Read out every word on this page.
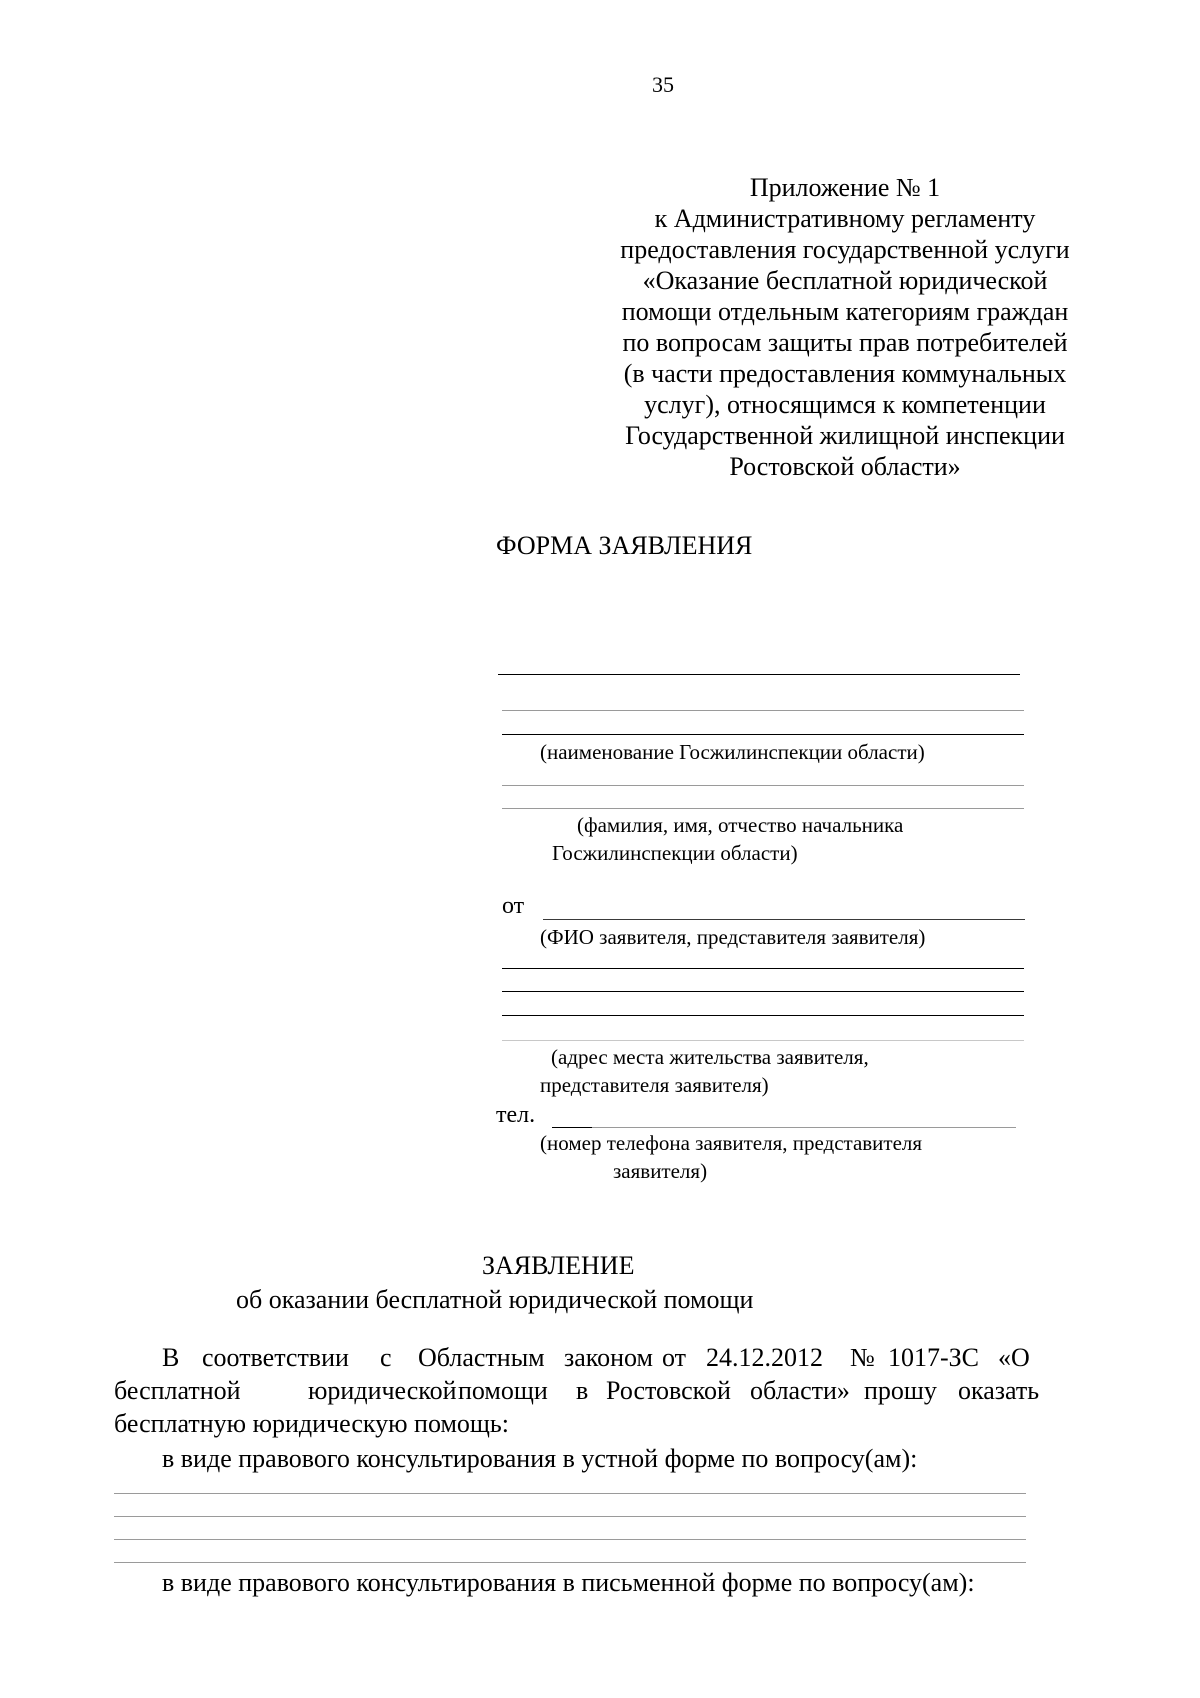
35
Приложение № 1
к Административному регламенту
предоставления государственной услуги
«Оказание бесплатной юридической
помощи отдельным категориям граждан
по вопросам защиты прав потребителей
(в части предоставления коммунальных
услуг), относящимся к компетенции
Государственной жилищной инспекции
Ростовской области»
ФОРМА ЗАЯВЛЕНИЯ
(наименование Госжилинспекции области)
(фамилия, имя, отчество начальника
Госжилинспекции области)
от
(ФИО заявителя, представителя заявителя)
(адрес места жительства заявителя,
представителя заявителя)
тел.
(номер телефона заявителя, представителя
заявителя)
ЗАЯВЛЕНИЕ
об оказании бесплатной юридической помощи
В соответствии с Областным законом от 24.12.2012 № 1017-ЗС «О
бесплатной	юридической помощи в Ростовской области» прошу оказать
бесплатную юридическую помощь:
в виде правового консультирования в устной форме по вопросу(ам):
в виде правового консультирования в письменной форме по вопросу(ам):
